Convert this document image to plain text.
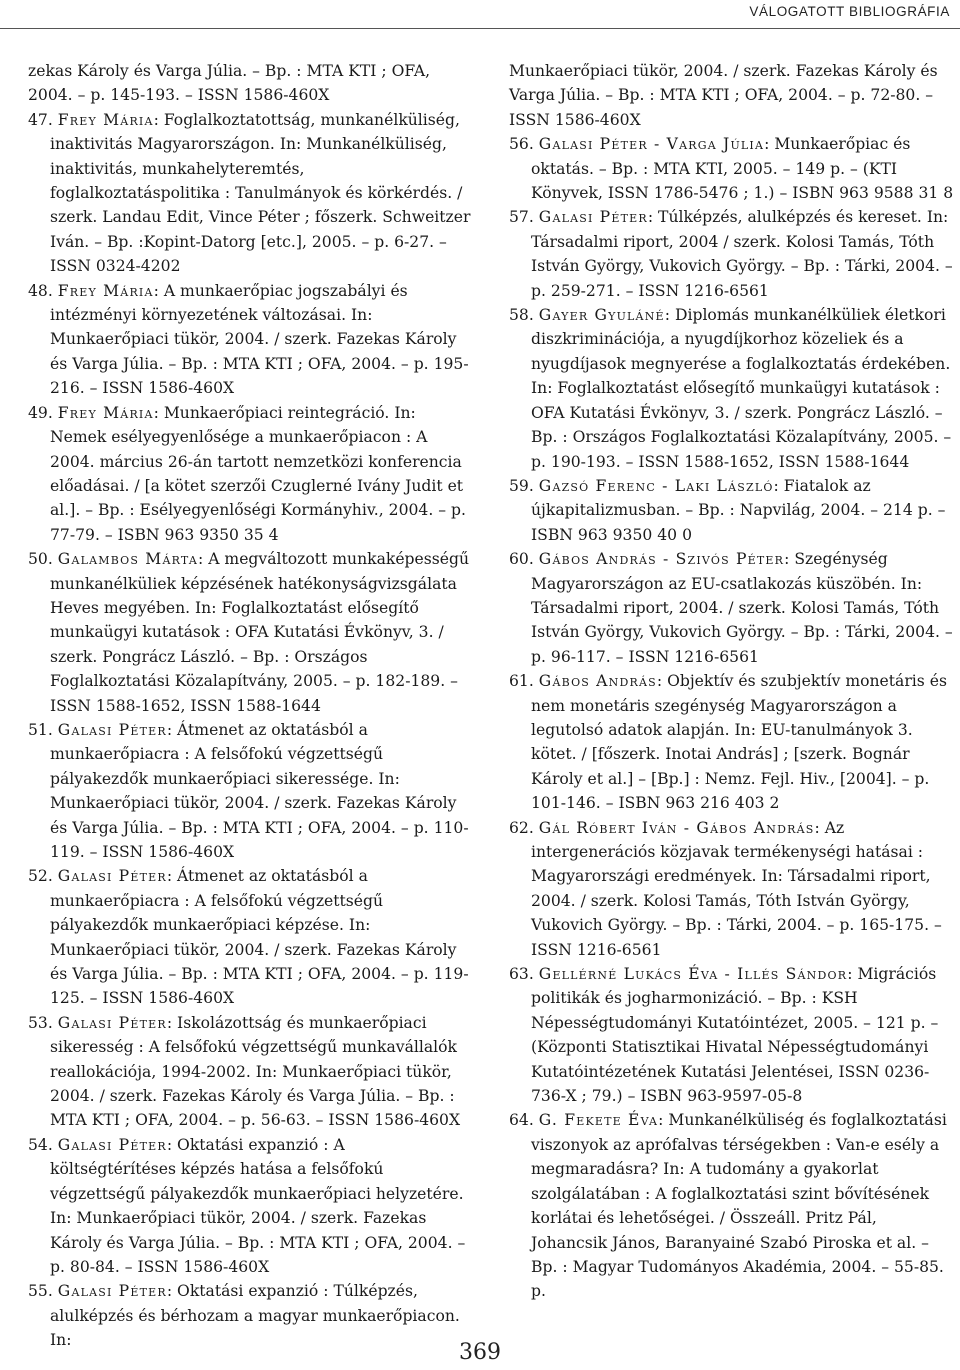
VÁLOGATOTT BIBLIOGRÁFIA

zekas Károly és Varga Júlia. – Bp. : MTA KTI ; OFA, 2004. – p. 145-193. – ISSN 1586-460X

47. Frey Mária: Foglalkoztatottság, munkanélküliség, inaktivitás Magyarországon. In: Munkanélküliség, inaktivitás, munkahelyteremtés, foglalkoztatáspolitika : Tanulmányok és körkérdés. / szerk. Landau Edit, Vince Péter ; főszerk. Schweitzer Iván. – Bp. :Kopint-Datorg [etc.], 2005. – p. 6-27. – ISSN 0324-4202

48. Frey Mária: A munkaerőpiac jogszabályi és intézményi környezetének változásai. In: Munkaerőpiaci tükör, 2004. / szerk. Fazekas Károly és Varga Júlia. – Bp. : MTA KTI ; OFA, 2004. – p. 195-216. – ISSN 1586-460X

49. Frey Mária: Munkaerőpiaci reintegráció. In: Nemek esélyegyenlősége a munkaerőpiacon : A 2004. március 26-án tartott nemzetközi konferencia előadásai. / [a kötet szerzői Czuglerné Ivány Judit et al.]. – Bp. : Esélyegyenlőségi Kormányhiv., 2004. – p. 77-79. – ISBN 963 9350 35 4

50. Galambos Márta: A megváltozott munkaképességű munkanélküliek képzésének hatékonyságvizsgálata Heves megyében. In: Foglalkoztatást elősegítő munkaügyi kutatások : OFA Kutatási Évkönyv, 3. / szerk. Pongrácz László. – Bp. : Országos Foglalkoztatási Közalapítvány, 2005. – p. 182-189. – ISSN 1588-1652, ISSN 1588-1644

51. Galasi Péter: Átmenet az oktatásból a munkaerőpiacra : A felsőfokú végzettségű pályakezdők munkaerőpiaci sikeressége. In: Munkaerőpiaci tükör, 2004. / szerk. Fazekas Károly és Varga Júlia. – Bp. : MTA KTI ; OFA, 2004. – p. 110-119. – ISSN 1586-460X

52. Galasi Péter: Átmenet az oktatásból a munkaerőpiacra : A felsőfokú végzettségű pályakezdők munkaerőpiaci képzése. In: Munkaerőpiaci tükör, 2004. / szerk. Fazekas Károly és Varga Júlia. – Bp. : MTA KTI ; OFA, 2004. – p. 119-125. – ISSN 1586-460X

53. Galasi Péter: Iskolázottság és munkaerőpiaci sikeresség : A felsőfokú végzettségű munkavállalók reallokációja, 1994-2002. In: Munkaerőpiaci tükör, 2004. / szerk. Fazekas Károly és Varga Júlia. – Bp. : MTA KTI ; OFA, 2004. – p. 56-63. – ISSN 1586-460X

54. Galasi Péter: Oktatási expanzió : A költségtérítéses képzés hatása a felsőfokú végzettségű pályakezdők munkaerőpiaci helyzetére. In: Munkaerőpiaci tükör, 2004. / szerk. Fazekas Károly és Varga Júlia. – Bp. : MTA KTI ; OFA, 2004. – p. 80-84. – ISSN 1586-460X

55. Galasi Péter: Oktatási expanzió : Túlképzés, alulképzés és bérhozam a magyar munkaerőpiacon. In:

Munkaerőpiaci tükör, 2004. / szerk. Fazekas Károly és Varga Júlia. – Bp. : MTA KTI ; OFA, 2004. – p. 72-80. – ISSN 1586-460X

56. Galasi Péter - Varga Júlia: Munkaerőpiac és oktatás. – Bp. : MTA KTI, 2005. – 149 p. – (KTI Könyvek, ISSN 1786-5476 ; 1.) – ISBN 963 9588 31 8

57. Galasi Péter: Túlképzés, alulképzés és kereset. In: Társadalmi riport, 2004 / szerk. Kolosi Tamás, Tóth István György, Vukovich György. – Bp. : Tárki, 2004. – p. 259-271. – ISSN 1216-6561

58. Gayer Gyuláné: Diplomás munkanélküliek életkori diszkriminációja, a nyugdíjkorhoz közeliek és a nyugdíjasok megnyerése a foglalkoztatás érdekében. In: Foglalkoztatást elősegítő munkaügyi kutatások : OFA Kutatási Évkönyv, 3. / szerk. Pongrácz László. – Bp. : Országos Foglalkoztatási Közalapítvány, 2005. – p. 190-193. – ISSN 1588-1652, ISSN 1588-1644

59. Gazsó Ferenc - Laki László: Fiatalok az újkapitalizmusban. – Bp. : Napvilág, 2004. – 214 p. – ISBN 963 9350 40 0

60. Gábos András - Szivós Péter: Szegénység Magyarországon az EU-csatlakozás küszöbén. In: Társadalmi riport, 2004. / szerk. Kolosi Tamás, Tóth István György, Vukovich György. – Bp. : Tárki, 2004. – p. 96-117. – ISSN 1216-6561

61. Gábos András: Objektív és szubjektív monetáris és nem monetáris szegénység Magyarországon a legutolsó adatok alapján. In: EU-tanulmányok 3. kötet. / [főszerk. Inotai András] ; [szerk. Bognár Károly et al.] – [Bp.] : Nemz. Fejl. Hiv., [2004]. – p. 101-146. – ISBN 963 216 403 2

62. Gál Róbert Iván - Gábos András: Az intergenerációs közjavak termékenységi hatásai : Magyarországi eredmények. In: Társadalmi riport, 2004. / szerk. Kolosi Tamás, Tóth István György, Vukovich György. – Bp. : Tárki, 2004. – p. 165-175. – ISSN 1216-6561

63. Gellérné Lukács Éva - Illés Sándor: Migrációs politikák és jogharmonizáció. – Bp. : KSH Népességtudományi Kutatóintézet, 2005. – 121 p. – (Központi Statisztikai Hivatal Népességtudományi Kutatóintézetének Kutatási Jelentései, ISSN 0236-736-X ; 79.) – ISBN 963-9597-05-8

64. G. Fekete Éva: Munkanélküliség és foglalkoztatási viszonyok az aprófalvas térségekben : Van-e esély a megmaradásra? In: A tudomány a gyakorlat szolgálatában : A foglalkoztatási szint bővítésének korlátai és lehetőségei. / Összeáll. Pritz Pál, Johancsik János, Baranyainé Szabó Piroska et al. – Bp. : Magyar Tudományos Akadémia, 2004. – 55-85. p.

369
